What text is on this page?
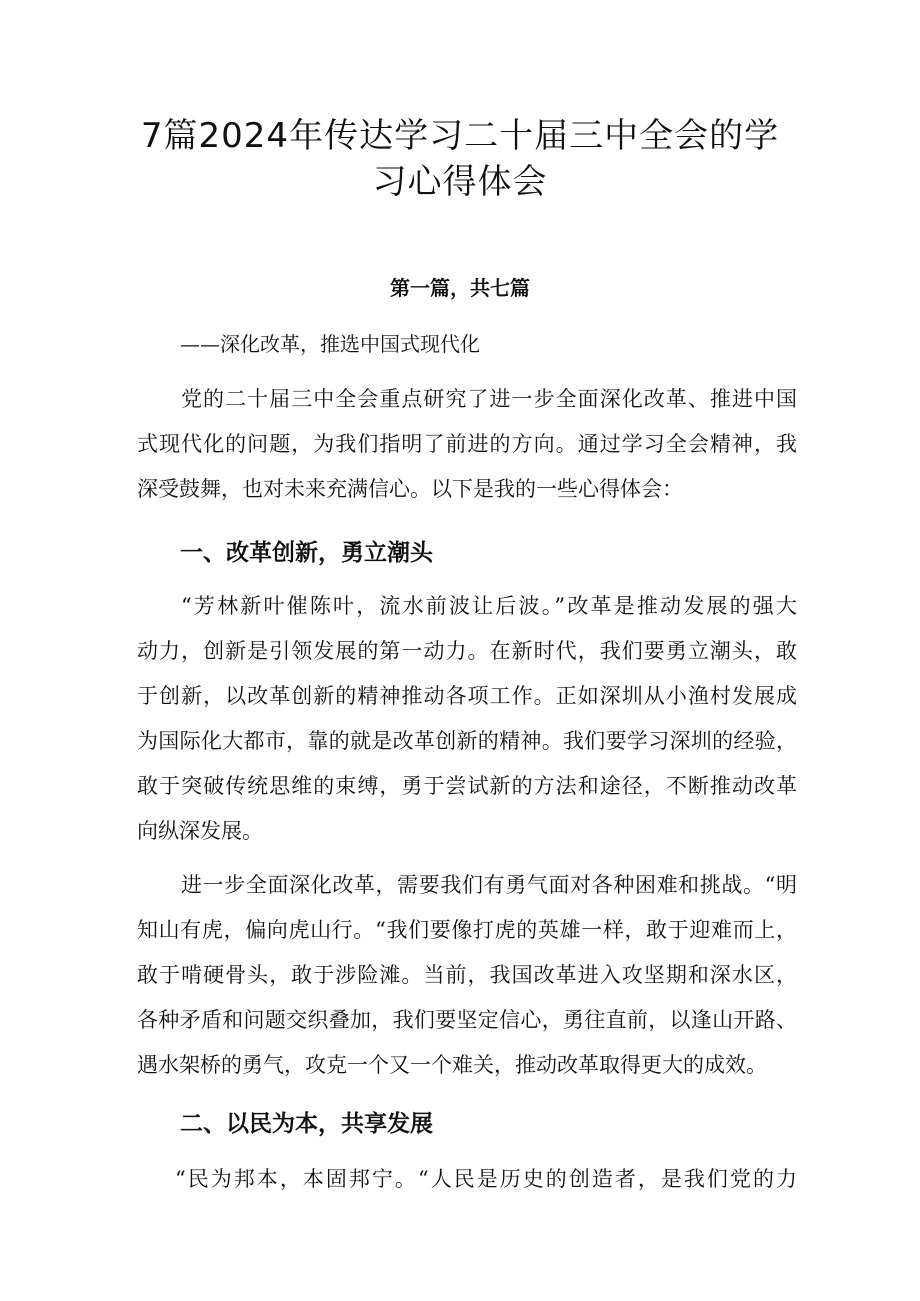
7篇2024年传达学习二十届三中全会的学
习心得体会

第一篇，共七篇

——深化改革，推选中国式现代化

党的二十届三中全会重点研究了进一步全面深化改革、推进中国
式现代化的问题，为我们指明了前进的方向。通过学习全会精神，我
深受鼓舞，也对未来充满信心。以下是我的一些心得体会：
一、改革创新，勇立潮头
“芳林新叶催陈叶，流水前波让后波。”改革是推动发展的强大
动力，创新是引领发展的第一动力。在新时代，我们要勇立潮头，敢
于创新，以改革创新的精神推动各项工作。正如深圳从小渔村发展成
为国际化大都市，靠的就是改革创新的精神。我们要学习深圳的经验，
敢于突破传统思维的束缚，勇于尝试新的方法和途径，不断推动改革
向纵深发展。
进一步全面深化改革，需要我们有勇气面对各种困难和挑战。“明
知山有虎，偏向虎山行。“我们要像打虎的英雄一样，敢于迎难而上，
敢于啃硬骨头，敢于涉险滩。当前，我国改革进入攻坚期和深水区，
各种矛盾和问题交织叠加，我们要坚定信心，勇往直前，以逢山开路、
遇水架桥的勇气，攻克一个又一个难关，推动改革取得更大的成效。
二、以民为本，共享发展
“民为邦本，本固邦宁。“人民是历史的创造者，是我们党的力
